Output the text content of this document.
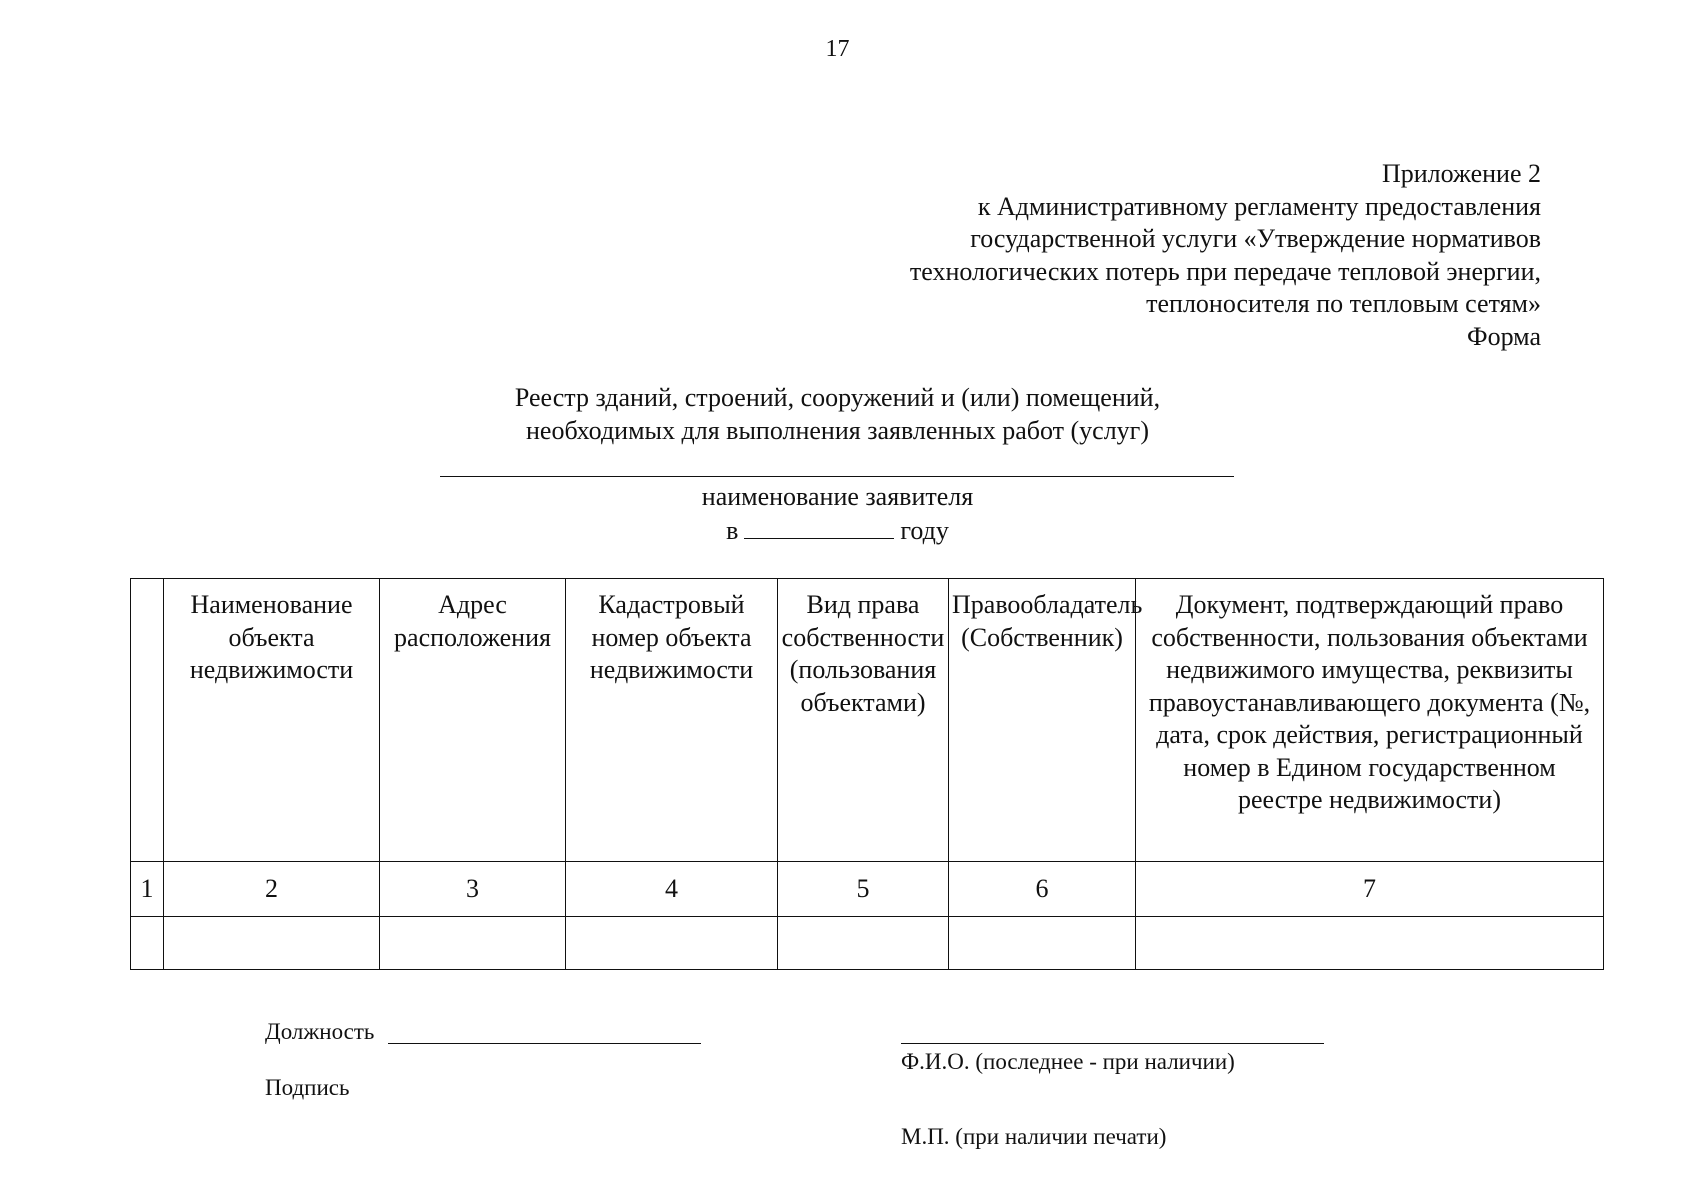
17
Приложение 2
к Административному регламенту предоставления
государственной услуги «Утверждение нормативов
технологических потерь при передаче тепловой энергии,
теплоносителя по тепловым сетям»
Форма
Реестр зданий, строений, сооружений и (или) помещений,
необходимых для выполнения заявленных работ (услуг)
наименование заявителя
в	году
	Наименование объекта недвижимости	Адрес расположения	Кадастровый номер объекта недвижимости	Вид права собственности (пользования объектами)	Правообладатель (Собственник)	Документ, подтверждающий право собственности, пользования объектами недвижимого имущества, реквизиты правоустанавливающего документа (№, дата, срок действия, регистрационный номер в Едином государственном реестре недвижимости)
1	2	3	4	5	6	7

Должность
Подпись
Ф.И.О. (последнее - при наличии)
М.П. (при наличии печати)
